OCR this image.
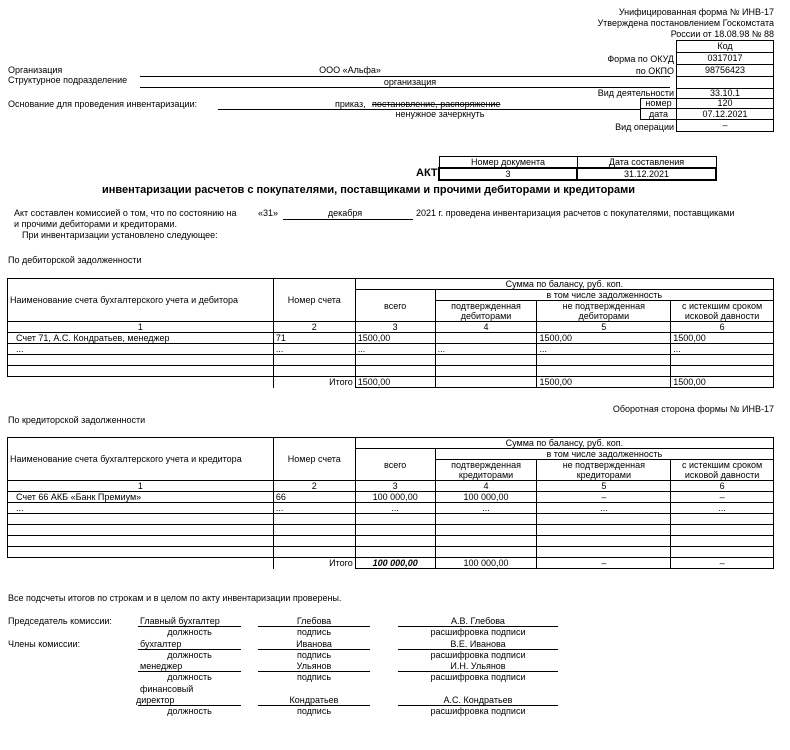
Унифицированная форма № ИНВ-17
Утверждена постановлением Госкомстата
России от 18.08.98 № 88
Код
Форма по ОКУД	0317017
по ОКПО	98756423
Вид деятельности	33.10.1
номер	120
дата	07.12.2021
Вид операции	–
Организация	ООО «Альфа»
Структурное подразделение	организация
Основание для проведения инвентаризации:	приказ, постановление, распоряжение
ненужное зачеркнуть
АКТ
Номер документа	Дата составления
3	31.12.2021
инвентаризации расчетов с покупателями, поставщиками и прочими дебиторами и кредиторами
Акт составлен комиссией о том, что по состоянию на «31»	декабря	2021 г. проведена инвентаризация расчетов с покупателями, поставщиками
и прочими дебиторами и кредиторами.
При инвентаризации установлено следующее:
По дебиторской задолженности
Наименование счета бухгалтерского учета и дебитора	Номер счета	Сумма по балансу, руб. коп.			
		всего	в том числе задолженность		
			подтвержденная дебиторами	не подтвержденная дебиторами	с истекшим сроком исковой давности
1	2	3	4	5	6
Счет 71, А.С. Кондратьев, менеджер	71	1500,00		1500,00	1500,00
...	...	...	...	...	...

	Итого	1500,00		1500,00	1500,00
Оборотная сторона формы № ИНВ-17
По кредиторской задолженности
Наименование счета бухгалтерского учета и кредитора	Номер счета	Сумма по балансу, руб. коп.			
		всего	в том числе задолженность		
			подтвержденная кредиторами	не подтвержденная кредиторами	с истекшим сроком исковой давности
1	2	3	4	5	6
Счет 66 АКБ «Банк Премиум»	66	100 000,00	100 000,00	–	–
...	...	...	...	...	...

	Итого	100 000,00	100 000,00	–	–
Все подсчеты итогов по строкам и в целом по акту инвентаризации проверены.
Председатель комиссии:
Члены комиссии:
Главный бухгалтер	Глебова	А.В. Глебова
должность	подпись	расшифровка подписи
бухгалтер	Иванова	В.Е. Иванова
должность	подпись	расшифровка подписи
менеджер	Ульянов	И.Н. Ульянов
должность	подпись	расшифровка подписи
финансовый
директор	Кондратьев	А.С. Кондратьев
должность	подпись	расшифровка подписи
